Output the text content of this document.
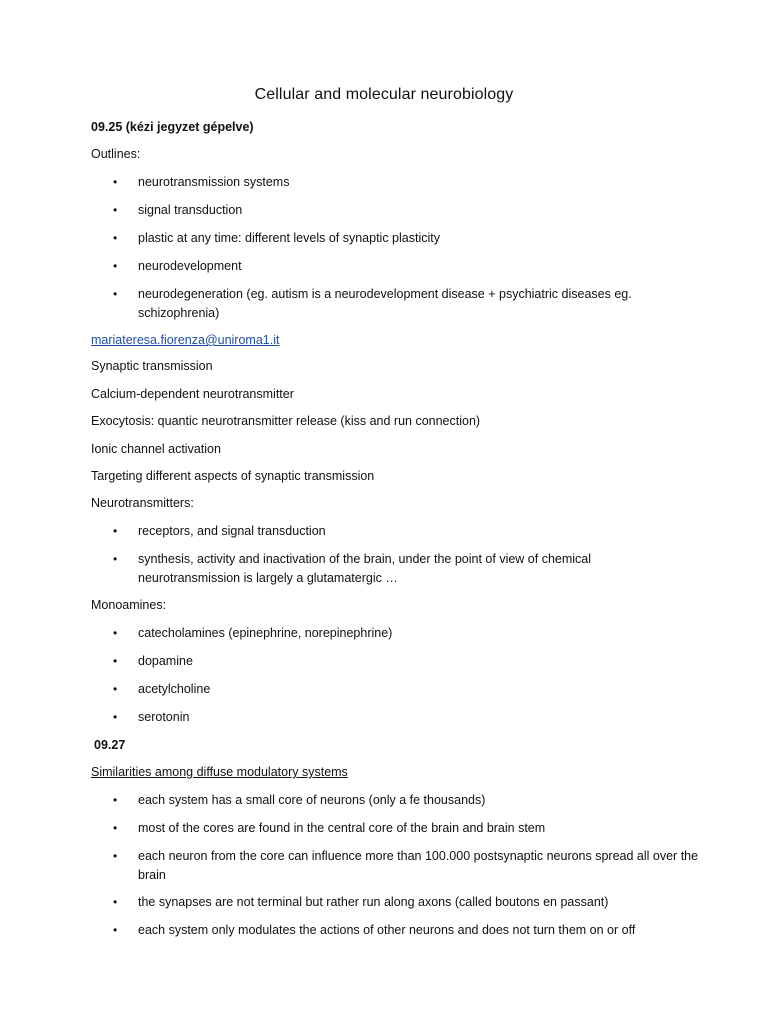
Cellular and molecular neurobiology
09.25 (kézi jegyzet gépelve)
Outlines:
• neurotransmission systems
• signal transduction
• plastic at any time: different levels of synaptic plasticity
• neurodevelopment
• neurodegeneration (eg. autism is a neurodevelopment disease + psychiatric diseases eg. schizophrenia)
mariateresa.fiorenza@uniroma1.it
Synaptic transmission
Calcium-dependent neurotransmitter
Exocytosis: quantic neurotransmitter release (kiss and run connection)
Ionic channel activation
Targeting different aspects of synaptic transmission
Neurotransmitters:
• receptors, and signal transduction
• synthesis, activity and inactivation of the brain, under the point of view of chemical neurotransmission is largely a glutamatergic …
Monoamines:
• catecholamines (epinephrine, norepinephrine)
• dopamine
• acetylcholine
• serotonin
09.27
Similarities among diffuse modulatory systems
• each system has a small core of neurons (only a fe thousands)
• most of the cores are found in the central core of the brain and brain stem
• each neuron from the core can influence more than 100.000 postsynaptic neurons spread all over the brain
• the synapses are not terminal but rather run along axons (called boutons en passant)
• each system only modulates the actions of other neurons and does not turn them on or off
